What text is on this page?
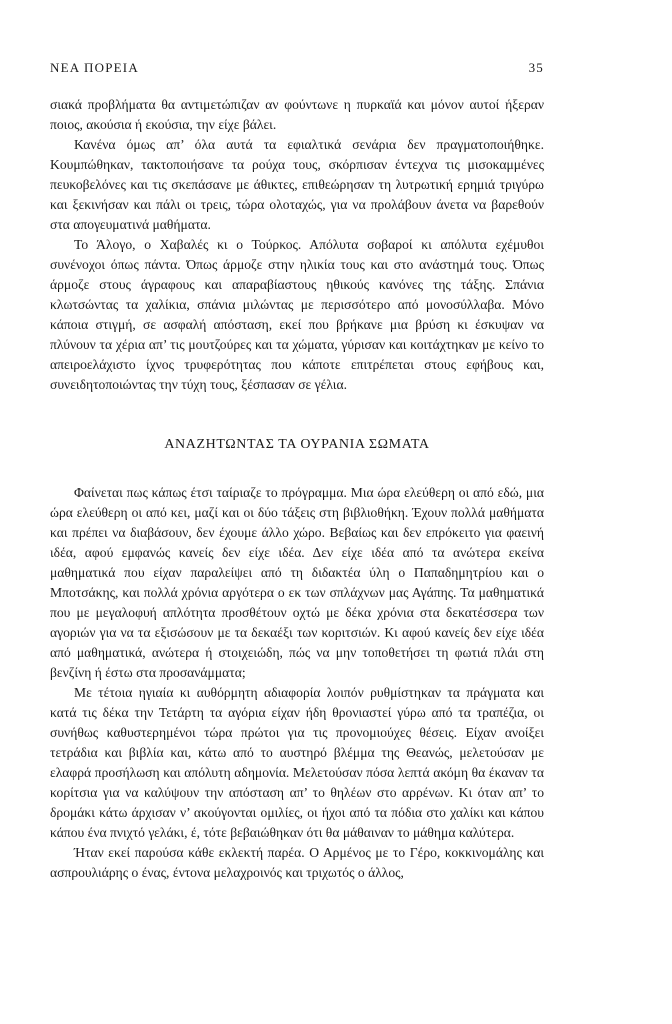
ΝΕΑ ΠΟΡΕΙΑ	35

σιακά προβλήματα θα αντιμετώπιζαν αν φούντωνε η πυρκαϊά και μόνον αυτοί ήξεραν ποιος, ακούσια ή εκούσια, την είχε βάλει.

Κανένα όμως απ’ όλα αυτά τα εφιαλτικά σενάρια δεν πραγματοποιήθηκε. Κουμπώθηκαν, τακτοποιήσανε τα ρούχα τους, σκόρπισαν έντεχνα τις μισοκαμμένες πευκοβελόνες και τις σκεπάσανε με άθικτες, επιθεώρησαν τη λυτρωτική ερημιά τριγύρω και ξεκινήσαν και πάλι οι τρεις, τώρα ολοταχώς, για να προλάβουν άνετα να βαρεθούν στα απογευματινά μαθήματα.

Το Άλογο, ο Χαβαλές κι ο Τούρκος. Απόλυτα σοβαροί κι απόλυτα εχέμυθοι συνένοχοι όπως πάντα. Όπως άρμοζε στην ηλικία τους και στο ανάστημά τους. Όπως άρμοζε στους άγραφους και απαραβίαστους ηθικούς κανόνες της τάξης. Σπάνια κλωτσώντας τα χαλίκια, σπάνια μιλώντας με περισσότερο από μονοσύλλαβα. Μόνο κάποια στιγμή, σε ασφαλή απόσταση, εκεί που βρήκανε μια βρύση κι έσκυψαν να πλύνουν τα χέρια απ’ τις μουτζούρες και τα χώματα, γύρισαν και κοιτάχτηκαν με κείνο το απειροελάχιστο ίχνος τρυφερότητας που κάποτε επιτρέπεται στους εφήβους και, συνειδητοποιώντας την τύχη τους, ξέσπασαν σε γέλια.

ΑΝΑΖΗΤΩΝΤΑΣ ΤΑ ΟΥΡΑΝΙΑ ΣΩΜΑΤΑ

Φαίνεται πως κάπως έτσι ταίριαζε το πρόγραμμα. Μια ώρα ελεύθερη οι από εδώ, μια ώρα ελεύθερη οι από κει, μαζί και οι δύο τάξεις στη βιβλιοθήκη. Έχουν πολλά μαθήματα και πρέπει να διαβάσουν, δεν έχουμε άλλο χώρο. Βεβαίως και δεν επρόκειτο για φαεινή ιδέα, αφού εμφανώς κανείς δεν είχε ιδέα. Δεν είχε ιδέα από τα ανώτερα εκείνα μαθηματικά που είχαν παραλείψει από τη διδακτέα ύλη ο Παπαδημητρίου και ο Μποτσάκης, και πολλά χρόνια αργότερα ο εκ των σπλάχνων μας Αγάπης. Τα μαθηματικά που με μεγαλοφυή απλότητα προσθέτουν οχτώ με δέκα χρόνια στα δεκατέσσερα των αγοριών για να τα εξισώσουν με τα δεκαέξι των κοριτσιών. Κι αφού κανείς δεν είχε ιδέα από μαθηματικά, ανώτερα ή στοιχειώδη, πώς να μην τοποθετήσει τη φωτιά πλάι στη βενζίνη ή έστω στα προσανάμματα;

Με τέτοια ηγιαία κι αυθόρμητη αδιαφορία λοιπόν ρυθμίστηκαν τα πράγματα και κατά τις δέκα την Τετάρτη τα αγόρια είχαν ήδη θρονιαστεί γύρω από τα τραπέζια, οι συνήθως καθυστερημένοι τώρα πρώτοι για τις προνομιούχες θέσεις. Είχαν ανοίξει τετράδια και βιβλία και, κάτω από το αυστηρό βλέμμα της Θεανώς, μελετούσαν με ελαφρά προσήλωση και απόλυτη αδημονία. Μελετούσαν πόσα λεπτά ακόμη θα έκαναν τα κορίτσια για να καλύψουν την απόσταση απ’ το θηλέων στο αρρένων. Κι όταν απ’ το δρομάκι κάτω άρχισαν ν’ ακούγονται ομιλίες, οι ήχοι από τα πόδια στο χαλίκι και κάπου κάπου ένα πνιχτό γελάκι, έ, τότε βεβαιώθηκαν ότι θα μάθαιναν το μάθημα καλύτερα.

Ήταν εκεί παρούσα κάθε εκλεκτή παρέα. Ο Αρμένος με το Γέρο, κοκκινομάλης και ασπρουλιάρης ο ένας, έντονα μελαχροινός και τριχωτός ο άλλος,
